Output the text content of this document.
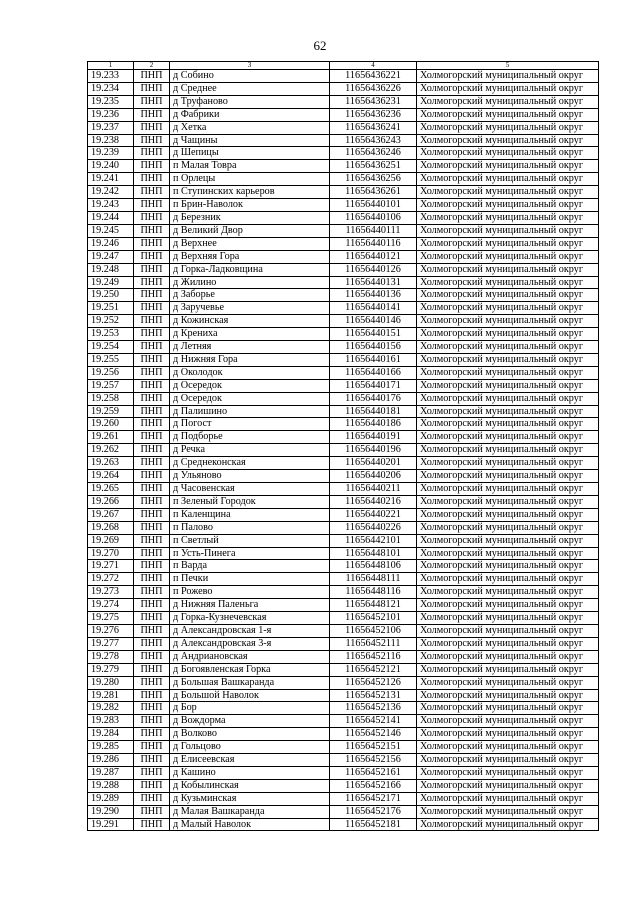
62
1	2	3	4	5
19.233	ПНП	д Собино	11656436221	Холмогорский муниципальный округ
19.234	ПНП	д Среднее	11656436226	Холмогорский муниципальный округ
19.235	ПНП	д Труфаново	11656436231	Холмогорский муниципальный округ
19.236	ПНП	д Фабрики	11656436236	Холмогорский муниципальный округ
19.237	ПНП	д Хетка	11656436241	Холмогорский муниципальный округ
19.238	ПНП	д Чащины	11656436243	Холмогорский муниципальный округ
19.239	ПНП	д Шепицы	11656436246	Холмогорский муниципальный округ
19.240	ПНП	п Малая Товра	11656436251	Холмогорский муниципальный округ
19.241	ПНП	п Орлецы	11656436256	Холмогорский муниципальный округ
19.242	ПНП	п Ступинских карьеров	11656436261	Холмогорский муниципальный округ
19.243	ПНП	п Брин-Наволок	11656440101	Холмогорский муниципальный округ
19.244	ПНП	д Березник	11656440106	Холмогорский муниципальный округ
19.245	ПНП	д Великий Двор	11656440111	Холмогорский муниципальный округ
19.246	ПНП	д Верхнее	11656440116	Холмогорский муниципальный округ
19.247	ПНП	д Верхняя Гора	11656440121	Холмогорский муниципальный округ
19.248	ПНП	д Горка-Ладковщина	11656440126	Холмогорский муниципальный округ
19.249	ПНП	д Жилино	11656440131	Холмогорский муниципальный округ
19.250	ПНП	д Заборье	11656440136	Холмогорский муниципальный округ
19.251	ПНП	д Заручевье	11656440141	Холмогорский муниципальный округ
19.252	ПНП	д Кожинская	11656440146	Холмогорский муниципальный округ
19.253	ПНП	д Крениха	11656440151	Холмогорский муниципальный округ
19.254	ПНП	д Летняя	11656440156	Холмогорский муниципальный округ
19.255	ПНП	д Нижняя Гора	11656440161	Холмогорский муниципальный округ
19.256	ПНП	д Околодок	11656440166	Холмогорский муниципальный округ
19.257	ПНП	д Осередок	11656440171	Холмогорский муниципальный округ
19.258	ПНП	д Осередок	11656440176	Холмогорский муниципальный округ
19.259	ПНП	д Палишино	11656440181	Холмогорский муниципальный округ
19.260	ПНП	д Погост	11656440186	Холмогорский муниципальный округ
19.261	ПНП	д Подборье	11656440191	Холмогорский муниципальный округ
19.262	ПНП	д Речка	11656440196	Холмогорский муниципальный округ
19.263	ПНП	д Среднеконская	11656440201	Холмогорский муниципальный округ
19.264	ПНП	д Ульяново	11656440206	Холмогорский муниципальный округ
19.265	ПНП	д Часовенская	11656440211	Холмогорский муниципальный округ
19.266	ПНП	п Зеленый Городок	11656440216	Холмогорский муниципальный округ
19.267	ПНП	п Каленщина	11656440221	Холмогорский муниципальный округ
19.268	ПНП	п Палово	11656440226	Холмогорский муниципальный округ
19.269	ПНП	п Светлый	11656442101	Холмогорский муниципальный округ
19.270	ПНП	п Усть-Пинега	11656448101	Холмогорский муниципальный округ
19.271	ПНП	п Варда	11656448106	Холмогорский муниципальный округ
19.272	ПНП	п Печки	11656448111	Холмогорский муниципальный округ
19.273	ПНП	п Рожево	11656448116	Холмогорский муниципальный округ
19.274	ПНП	д Нижняя Паленьга	11656448121	Холмогорский муниципальный округ
19.275	ПНП	д Горка-Кузнечевская	11656452101	Холмогорский муниципальный округ
19.276	ПНП	д Александровская 1-я	11656452106	Холмогорский муниципальный округ
19.277	ПНП	д Александровская 3-я	11656452111	Холмогорский муниципальный округ
19.278	ПНП	д Андриановская	11656452116	Холмогорский муниципальный округ
19.279	ПНП	д Богоявленская Горка	11656452121	Холмогорский муниципальный округ
19.280	ПНП	д Большая Вашкаранда	11656452126	Холмогорский муниципальный округ
19.281	ПНП	д Большой Наволок	11656452131	Холмогорский муниципальный округ
19.282	ПНП	д Бор	11656452136	Холмогорский муниципальный округ
19.283	ПНП	д Вождорма	11656452141	Холмогорский муниципальный округ
19.284	ПНП	д Волково	11656452146	Холмогорский муниципальный округ
19.285	ПНП	д Гольцово	11656452151	Холмогорский муниципальный округ
19.286	ПНП	д Елисеевская	11656452156	Холмогорский муниципальный округ
19.287	ПНП	д Кашино	11656452161	Холмогорский муниципальный округ
19.288	ПНП	д Кобылинская	11656452166	Холмогорский муниципальный округ
19.289	ПНП	д Кузьминская	11656452171	Холмогорский муниципальный округ
19.290	ПНП	д Малая Вашкаранда	11656452176	Холмогорский муниципальный округ
19.291	ПНП	д Малый Наволок	11656452181	Холмогорский муниципальный округ
